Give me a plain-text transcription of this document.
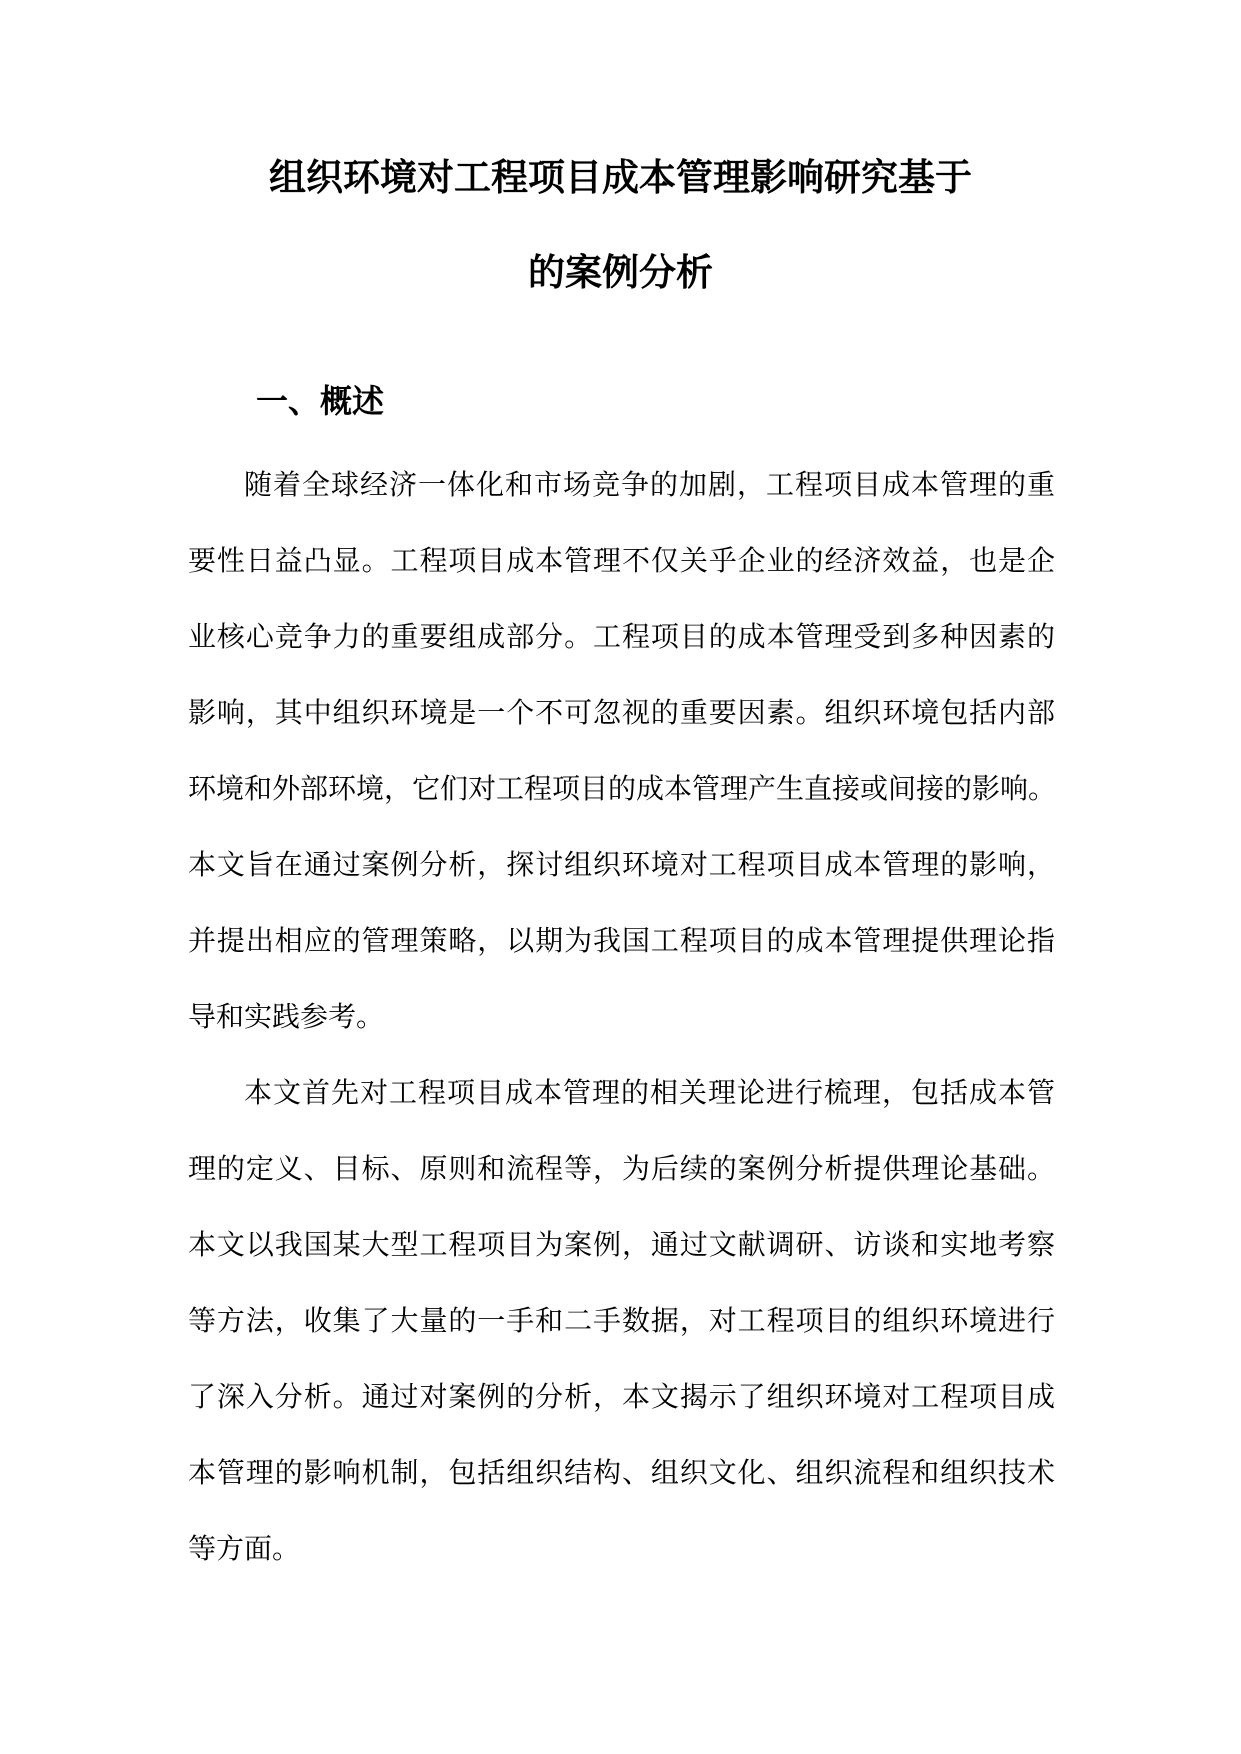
组织环境对工程项目成本管理影响研究基于
的案例分析
一、概述
随着全球经济一体化和市场竞争的加剧，工程项目成本管理的重
要性日益凸显。工程项目成本管理不仅关乎企业的经济效益，也是企
业核心竞争力的重要组成部分。工程项目的成本管理受到多种因素的
影响，其中组织环境是一个不可忽视的重要因素。组织环境包括内部
环境和外部环境，它们对工程项目的成本管理产生直接或间接的影响。
本文旨在通过案例分析，探讨组织环境对工程项目成本管理的影响，
并提出相应的管理策略，以期为我国工程项目的成本管理提供理论指
导和实践参考。
本文首先对工程项目成本管理的相关理论进行梳理，包括成本管
理的定义、目标、原则和流程等，为后续的案例分析提供理论基础。
本文以我国某大型工程项目为案例，通过文献调研、访谈和实地考察
等方法，收集了大量的一手和二手数据，对工程项目的组织环境进行
了深入分析。通过对案例的分析，本文揭示了组织环境对工程项目成
本管理的影响机制，包括组织结构、组织文化、组织流程和组织技术
等方面。
